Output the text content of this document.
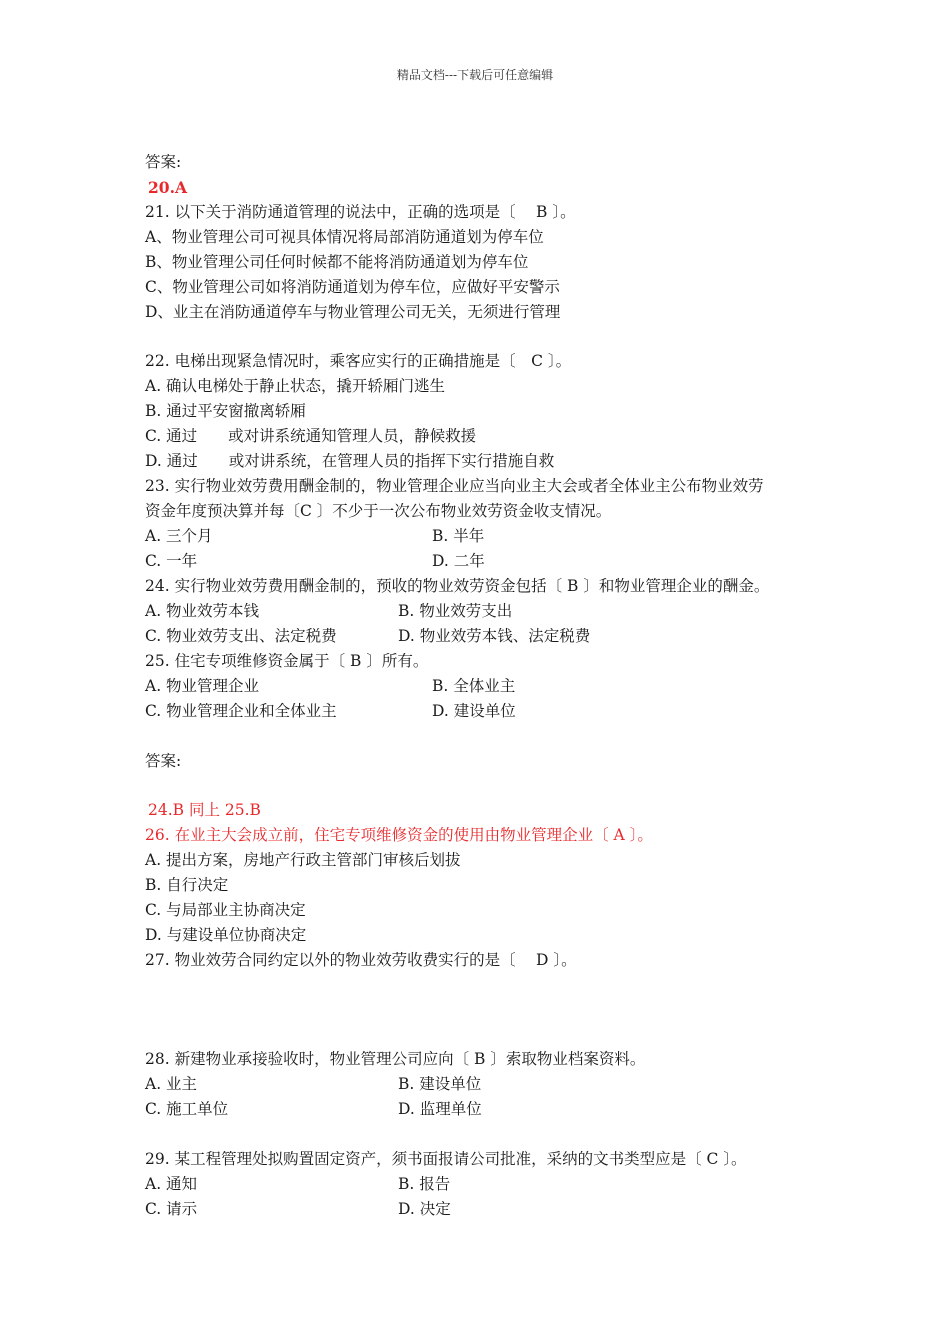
精品文档---下载后可任意编辑
答案:
20.A
21. 以下关于消防通道管理的说法中，正确的选项是〔　 B 〕。
A、物业管理公司可视具体情况将局部消防通道划为停车位
B、物业管理公司任何时候都不能将消防通道划为停车位
C、物业管理公司如将消防通道划为停车位，应做好平安警示
D、业主在消防通道停车与物业管理公司无关，无须进行管理
22. 电梯出现紧急情况时，乘客应实行的正确措施是〔　C 〕。
A. 确认电梯处于静止状态，撬开轿厢门逃生
B. 通过平安窗撤离轿厢
C. 通过　　或对讲系统通知管理人员，静候救援
D. 通过　　或对讲系统，在管理人员的指挥下实行措施自救
23. 实行物业效劳费用酬金制的，物业管理企业应当向业主大会或者全体业主公布物业效劳
资金年度预决算并每〔C 〕不少于一次公布物业效劳资金收支情况。
A. 三个月	B. 半年
C. 一年	D. 二年
24. 实行物业效劳费用酬金制的，预收的物业效劳资金包括〔 B 〕和物业管理企业的酬金。
A. 物业效劳本钱	B. 物业效劳支出
C. 物业效劳支出、法定税费	D. 物业效劳本钱、法定税费
25. 住宅专项维修资金属于〔 B 〕所有。
A. 物业管理企业	B. 全体业主
C. 物业管理企业和全体业主	D. 建设单位
答案:
24.B 同上 25.B
26. 在业主大会成立前，住宅专项维修资金的使用由物业管理企业〔 A 〕。
A. 提出方案，房地产行政主管部门审核后划拔
B. 自行决定
C. 与局部业主协商决定
D. 与建设单位协商决定
27. 物业效劳合同约定以外的物业效劳收费实行的是〔　 D 〕。
28. 新建物业承接验收时，物业管理公司应向〔 B 〕索取物业档案资料。
A. 业主	B. 建设单位
C. 施工单位	D. 监理单位
29. 某工程管理处拟购置固定资产，须书面报请公司批准，采纳的文书类型应是〔 C 〕。
A. 通知	B. 报告
C. 请示	D. 决定
